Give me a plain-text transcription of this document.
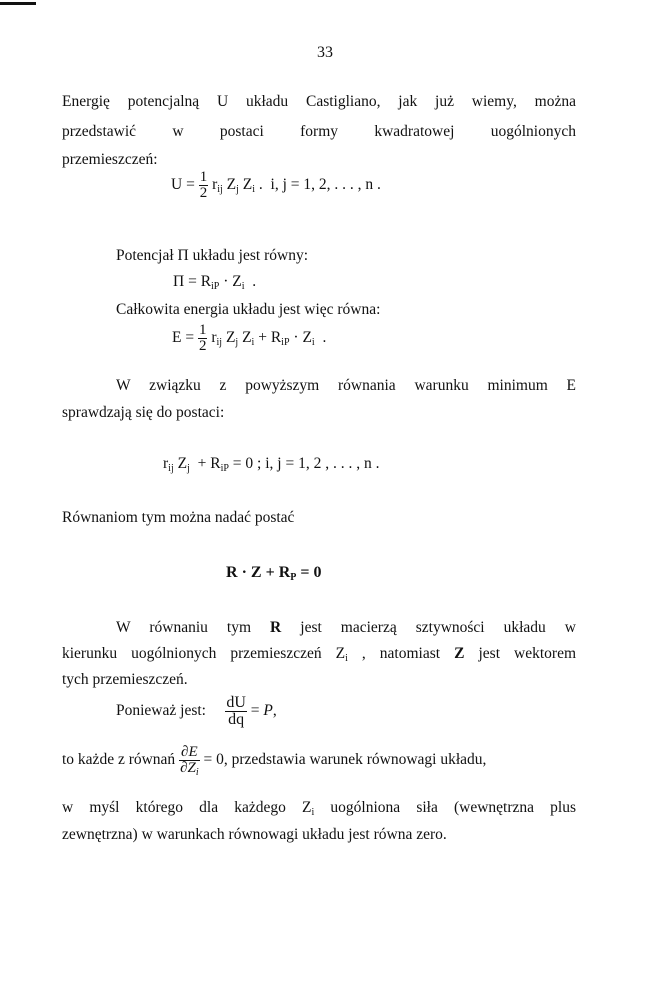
33
Energię potencjalną U układu Castigliano, jak już wiemy, można
przedstawić w postaci formy kwadratowej uogólnionych
przemieszczeń:
$U = \frac{1}{2} r_{ij}$ $Z_j$ $Z_i$ . i, j = 1, 2, . . . , n .
Potencjał Π układu jest równy:
$\Pi = R_{iP} \cdot Z_i$ .
Całkowita energia układu jest więc równa:
$E = \frac{1}{2} r_{ij}$ $Z_j$ $Z_i + R_{iP} \cdot Z_i$ .
W związku z powyższym równania warunku minimum E
sprawdzają się do postaci:
$r_{ij}$ $Z_j + R_{iP} = 0$ ; i, j = 1, 2 , . . . , n .
Równaniom tym można nadać postać
$R \cdot Z + R_P = 0$
W równaniu tym R jest macierzą sztywności układu w
kierunku uogólnionych przemieszczeń $Z_i$ , natomiast Z jest wektorem
tych przemieszczeń.
Ponieważ jest: $\frac{dU}{dq} = P$,
to każde z równań $\frac{\partial E}{\partial Z_i} = 0$, przedstawia warunek równowagi układu,
w myśl którego dla każdego $Z_i$ uogólniona siła (wewnętrzna plus
zewnętrzna) w warunkach równowagi układu jest równa zero.
